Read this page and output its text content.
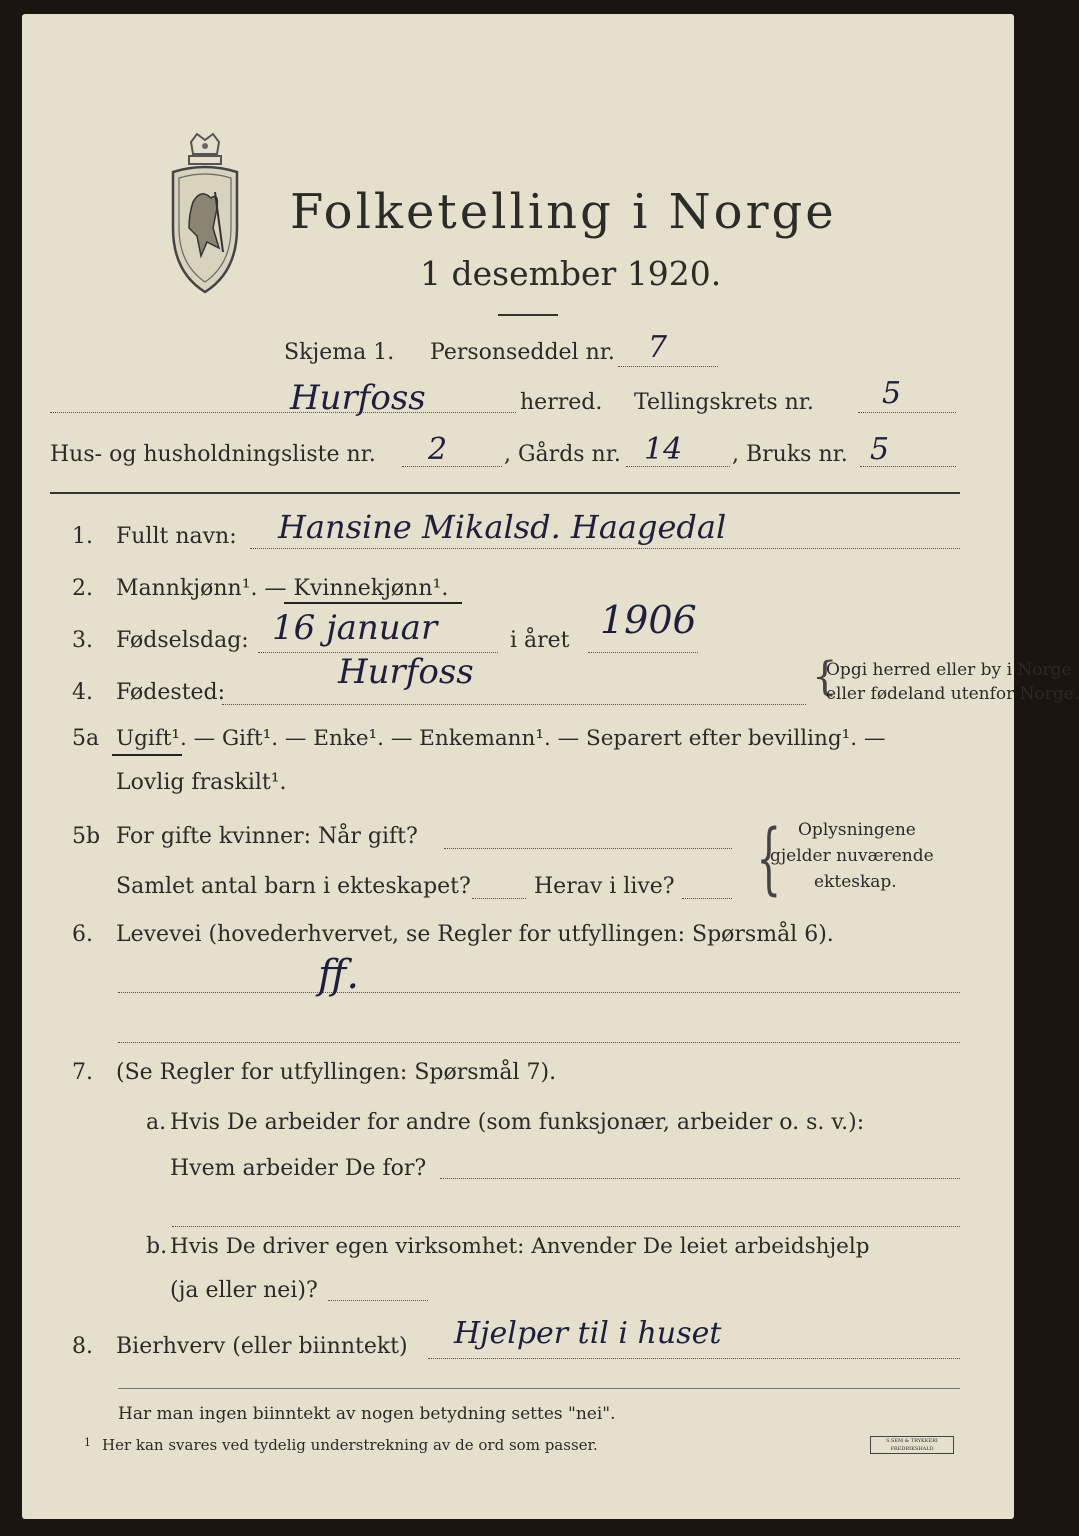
Folketelling i Norge
1 desember 1920.
Skjema 1. Personseddel nr. 7
Hurfoss	herred. Tellingskrets nr. 5
Hus- og husholdningsliste nr. 2	, Gårds nr. 14 , Bruks nr. 5
1. Fullt navn: Hansine Mikalsd. Haagedal
2. Mannkjønn¹. — Kvinnekjønn¹.
3. Fødselsdag: 16 januar	i året 1906
4. Fødested:
Hurfoss	{
Opgi herred eller by i Norge
eller fødeland utenfor Norge.
5a Ugift¹. — Gift¹. — Enke¹. — Enkemann¹. — Separert efter bevilling¹. —
Lovlig fraskilt¹.
5b For gifte kvinner: Når gift?
Samlet antal barn i ekteskapet?	Herav i live? { Oplysningene
gjelder nuværende
ekteskap.
6. Levevei (hovederhvervet, se Regler for utfyllingen: Spørsmål 6).
ff.
7. (Se Regler for utfyllingen: Spørsmål 7).
a. Hvis De arbeider for andre (som funksjonær, arbeider o. s. v.):
Hvem arbeider De for?
b. Hvis De driver egen virksomhet: Anvender De leiet arbeidshjelp
(ja eller nei)?
8. Bierhverv (eller biinntekt) Hjelper til i huset
Har man ingen biinntekt av nogen betydning settes "nei".
1 Her kan svares ved tydelig understrekning av de ord som passer.	S.SEM & TRYKKERI FREDRIKSHALD
